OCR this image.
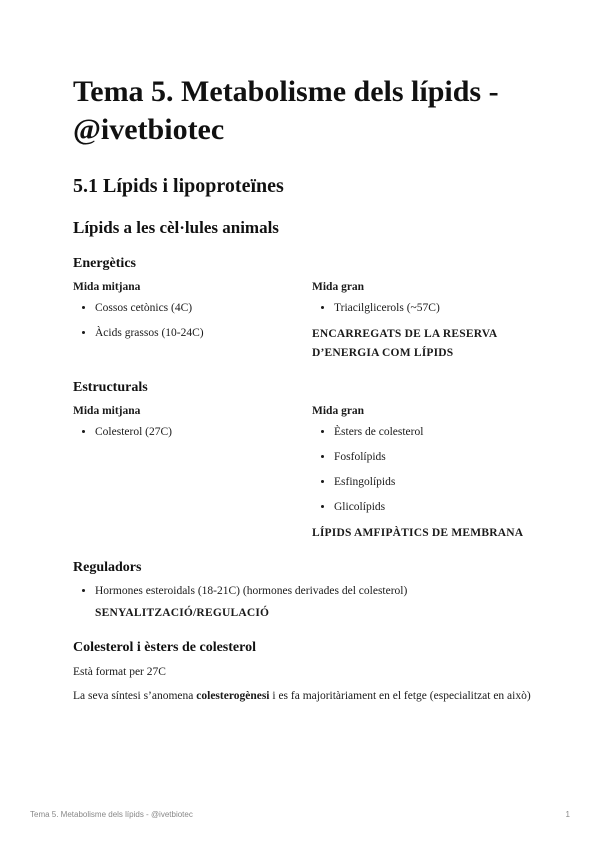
Tema 5. Metabolisme dels lípids - @ivetbiotec
5.1 Lípids i lipoproteïnes
Lípids a les cèl·lules animals
Energètics
Mida mitjana
• Cossos cetònics (4C)
• Àcids grassos (10-24C)
Mida gran
• Triacilglicerols (~57C)
ENCARREGATS DE LA RESERVA D’ENERGIA COM LÍPIDS
Estructurals
Mida mitjana
• Colesterol (27C)
Mida gran
• Èsters de colesterol
• Fosfolípids
• Esfingolípids
• Glicolípids
LÍPIDS AMFIPÀTICS DE MEMBRANA
Reguladors
• Hormones esteroidals (18-21C) (hormones derivades del colesterol)
SENYALITZACIÓ/REGULACIÓ
Colesterol i èsters de colesterol

Està format per 27C

La seva síntesi s’anomena colesterogènesi i es fa majoritàriament en el fetge (especialitzat en això)

Tema 5. Metabolisme dels lípids - @ivetbiotec	1
